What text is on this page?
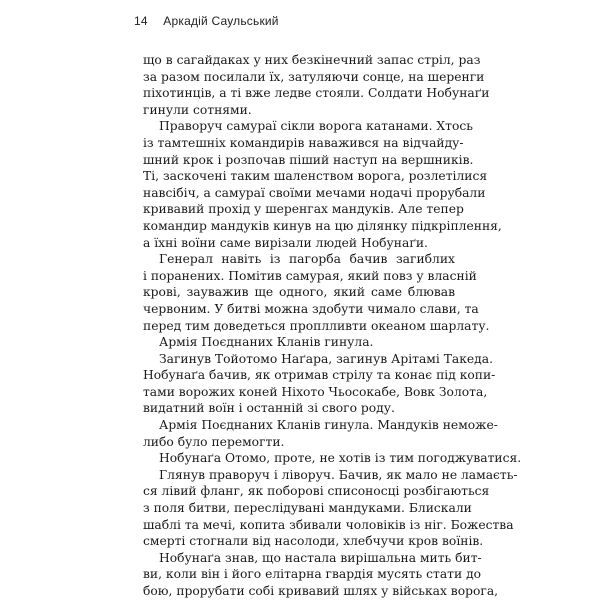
14 Аркадій Саульський
що в сагайдаках у них безкінечний запас стріл, раз
за разом посилали їх, затуляючи сонце, на шеренги
піхотинців, а ті вже ледве стояли. Солдати Нобунаґи
гинули сотнями.
Праворуч самураї сікли ворога катанами. Хтось
із тамтешніх командирів наважився на відчайду-
шний крок і розпочав піший наступ на вершників.
Ті, заскочені таким шаленством ворога, розлетілися
навсібіч, а самураї своїми мечами нодачі прорубали
кривавий прохід у шеренгах мандуків. Але тепер
командир мандуків кинув на цю ділянку підкріплення,
а їхні воїни саме вирізали людей Нобунаґи.
Генерал навіть із пагорба бачив загиблих
і поранених. Помітив самурая, який повз у власній
крові, зауважив ще одного, який саме блював
червоним. У битві можна здобути чимало слави, та
перед тим доведеться проплливти океаном шарлату.
Армія Поєднаних Кланів гинула.
Загинув Тойотомо Наґара, загинув Арітамі Такеда.
Нобунаґа бачив, як отримав стрілу та конає під копи-
тами ворожих коней Ніхото Чьосокабе, Вовк Золота,
видатний воїн і останній зі свого роду.
Армія Поєднаних Кланів гинула. Мандуків неможе-
либо було перемогти.
Нобунаґа Отомо, проте, не хотів із тим погоджуватися.
Глянув праворуч і ліворуч. Бачив, як мало не ламаєть-
ся лівий фланг, як поборові списоносці розбігаються
з поля битви, переслідувані мандуками. Блискали
шаблі та мечі, копита збивали чоловіків із ніг. Божества
смерті стогнали від насолоди, хлебчучи кров воїнів.
Нобунаґа знав, що настала вирішальна мить бит-
ви, коли він і його елітарна гвардія мусять стати до
бою, прорубати собі кривавий шлях у військах ворога,
